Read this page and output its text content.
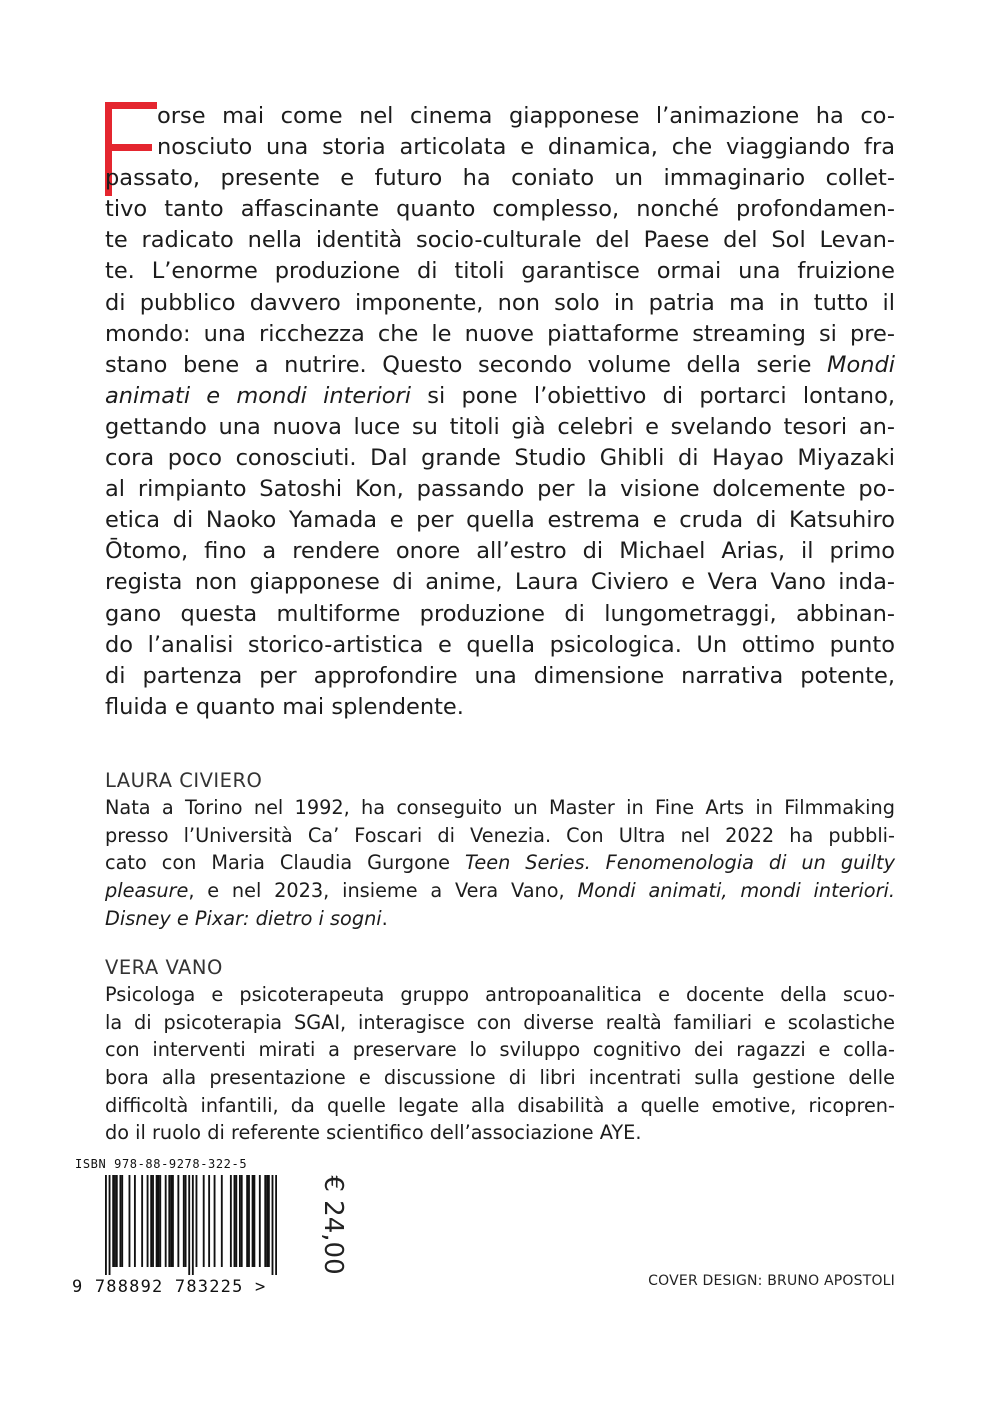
orse mai come nel cinema giapponese l’animazione ha co-
nosciuto una storia articolata e dinamica, che viaggiando fra
passato, presente e futuro ha coniato un immaginario collet-
tivo tanto affascinante quanto complesso, nonché profondamen-
te radicato nella identità socio-culturale del Paese del Sol Levan-
te. L’enorme produzione di titoli garantisce ormai una fruizione
di pubblico davvero imponente, non solo in patria ma in tutto il
mondo: una ricchezza che le nuove piattaforme streaming si pre-
stano bene a nutrire. Questo secondo volume della serie Mondi
animati e mondi interiori si pone l’obiettivo di portarci lontano,
gettando una nuova luce su titoli già celebri e svelando tesori an-
cora poco conosciuti. Dal grande Studio Ghibli di Hayao Miyazaki
al rimpianto Satoshi Kon, passando per la visione dolcemente po-
etica di Naoko Yamada e per quella estrema e cruda di Katsuhiro
Ōtomo, fino a rendere onore all’estro di Michael Arias, il primo
regista non giapponese di anime, Laura Civiero e Vera Vano inda-
gano questa multiforme produzione di lungometraggi, abbinan-
do l’analisi storico-artistica e quella psicologica. Un ottimo punto
di partenza per approfondire una dimensione narrativa potente,
fluida e quanto mai splendente.
LAURA CIVIERO
Nata a Torino nel 1992, ha conseguito un Master in Fine Arts in Filmmaking
presso l’Università Ca’ Foscari di Venezia. Con Ultra nel 2022 ha pubbli-
cato con Maria Claudia Gurgone Teen Series. Fenomenologia di un guilty
pleasure, e nel 2023, insieme a Vera Vano, Mondi animati, mondi interiori.
Disney e Pixar: dietro i sogni.
VERA VANO
Psicologa e psicoterapeuta gruppo antropoanalitica e docente della scuo-
la di psicoterapia SGAI, interagisce con diverse realtà familiari e scolastiche
con interventi mirati a preservare lo sviluppo cognitivo dei ragazzi e colla-
bora alla presentazione e discussione di libri incentrati sulla gestione delle
difficoltà infantili, da quelle legate alla disabilità a quelle emotive, ricopren-
do il ruolo di referente scientifico dell’associazione AYE.
ISBN 978-88-9278-322-5
9 788892 783225 >
€ 24,00
COVER DESIGN: BRUNO APOSTOLI
